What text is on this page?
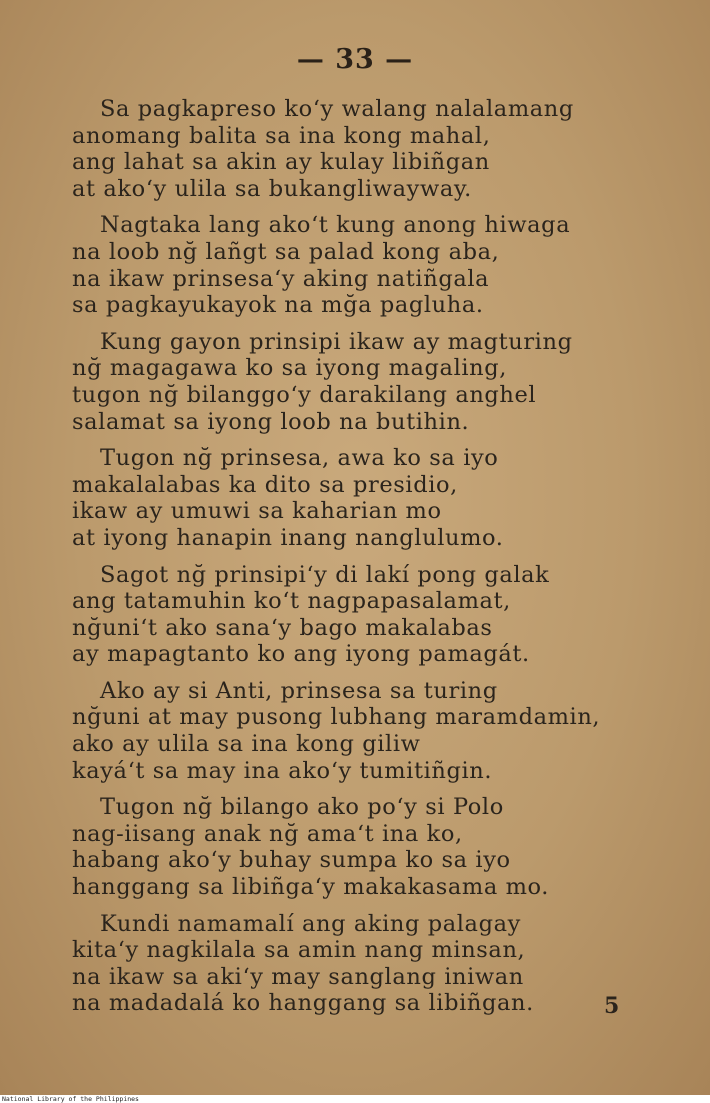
— 33 —
Sa pagkapreso ko‘y walang nalalamang
anomang balita sa ina kong mahal,
ang lahat sa akin ay kulay libiñgan
at ako‘y ulila sa bukangliwayway.
Nagtaka lang ako‘t kung anong hiwaga
na loob nğ lañgt sa palad kong aba,
na ikaw prinsesa‘y aking natiñgala
sa pagkayukayok na mğa pagluha.
Kung gayon prinsipi ikaw ay magturing
nğ magagawa ko sa iyong magaling,
tugon nğ bilanggo‘y darakilang anghel
salamat sa iyong loob na butihin.
Tugon nğ prinsesa, awa ko sa iyo
makalalabas ka dito sa presidio,
ikaw ay umuwi sa kaharian mo
at iyong hanapin inang nanglulumo.
Sagot nğ prinsipi‘y di lakí pong galak
ang tatamuhin ko‘t nagpapasalamat,
nğuni‘t ako sana‘y bago makalabas
ay mapagtanto ko ang iyong pamagát.
Ako ay si Anti, prinsesa sa turing
nğuni at may pusong lubhang maramdamin,
ako ay ulila sa ina kong giliw
kayá‘t sa may ina ako‘y tumitiñgin.
Tugon nğ bilango ako po‘y si Polo
nag-iisang anak nğ ama‘t ina ko,
habang ako‘y buhay sumpa ko sa iyo
hanggang sa libiñga‘y makakasama mo.
Kundi namamalí ang aking palagay
kita‘y nagkilala sa amin nang minsan,
na ikaw sa aki‘y may sanglang iniwan
na madadalá ko hanggang sa libiñgan.	5
National Library of the Philippines
